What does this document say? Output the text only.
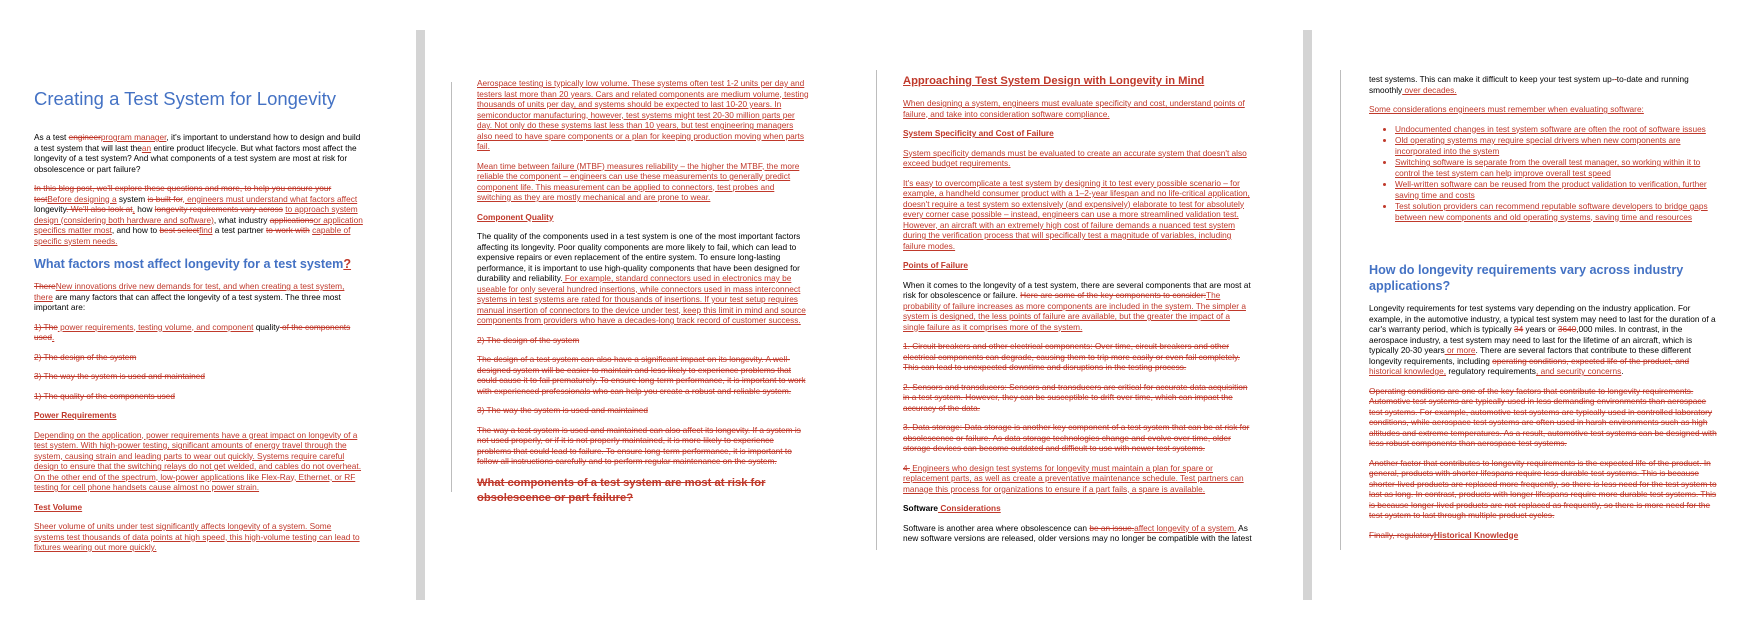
Creating a Test System for Longevity

As a test engineerprogram manager, it's important to understand how to design and build a test system that will last thean entire product lifecycle. But what factors most affect the longevity of a test system? And what components of a test system are most at risk for obsolescence or part failure?

In this blog post, we'll explore these questions and more, to help you ensure your testBefore designing a system is built for, engineers must understand what factors affect longevity. We'll also look at, how longevity requirements vary across to approach system design (considering both hardware and software), what industry applicationsor application specifics matter most, and how to best selectfind a test partner to work with capable of specific system needs.

What factors most affect longevity for a test system?

ThereNew innovations drive new demands for test, and when creating a test system, there are many factors that can affect the longevity of a test system. The three most important are:

1) The power requirements, testing volume, and component quality of the components used.

2) The design of the system

3) The way the system is used and maintained

1) The quality of the components used

Power Requirements

Depending on the application, power requirements have a great impact on longevity of a test system. With high-power testing, significant amounts of energy travel through the system, causing strain and leading parts to wear out quickly. Systems require careful design to ensure that the switching relays do not get welded, and cables do not overheat. On the other end of the spectrum, low-power applications like Flex-Ray, Ethernet, or RF testing for cell phone handsets cause almost no power strain.

Test Volume

Sheer volume of units under test significantly affects longevity of a system. Some systems test thousands of data points at high speed, this high-volume testing can lead to fixtures wearing out more quickly.

Aerospace testing is typically low volume. These systems often test 1-2 units per day and testers last more than 20 years. Cars and related components are medium volume, testing thousands of units per day, and systems should be expected to last 10-20 years. In semiconductor manufacturing, however, test systems might test 20-30 million parts per day. Not only do these systems last less than 10 years, but test engineering managers also need to have spare components or a plan for keeping production moving when parts fail.

Mean time between failure (MTBF) measures reliability – the higher the MTBF, the more reliable the component – engineers can use these measurements to generally predict component life. This measurement can be applied to connectors, test probes and switching as they are mostly mechanical and are prone to wear.

Component Quality

The quality of the components used in a test system is one of the most important factors affecting its longevity. Poor quality components are more likely to fail, which can lead to expensive repairs or even replacement of the entire system. To ensure long-lasting performance, it is important to use high-quality components that have been designed for durability and reliability. For example, standard connectors used in electronics may be useable for only several hundred insertions, while connectors used in mass interconnect systems in test systems are rated for thousands of insertions. If your test setup requires manual insertion of connectors to the device under test, keep this limit in mind and source components from providers who have a decades-long track record of customer success.

2) The design of the system

The design of a test system can also have a significant impact on its longevity. A well-designed system will be easier to maintain and less likely to experience problems that could cause it to fail prematurely. To ensure long-term performance, it is important to work with experienced professionals who can help you create a robust and reliable system.

3) The way the system is used and maintained

The way a test system is used and maintained can also affect its longevity. If a system is not used properly, or if it is not properly maintained, it is more likely to experience problems that could lead to failure. To ensure long-term performance, it is important to follow all instructions carefully and to perform regular maintenance on the system.

What components of a test system are most at risk for obsolescence or part failure?
Approaching Test System Design with Longevity in Mind

When designing a system, engineers must evaluate specificity and cost, understand points of failure, and take into consideration software compliance.

System Specificity and Cost of Failure

System specificity demands must be evaluated to create an accurate system that doesn't also exceed budget requirements.

It's easy to overcomplicate a test system by designing it to test every possible scenario – for example, a handheld consumer product with a 1–2-year lifespan and no life-critical application, doesn't require a test system so extensively (and expensively) elaborate to test for absolutely every corner case possible – instead, engineers can use a more streamlined validation test. However, an aircraft with an extremely high cost of failure demands a nuanced test system during the verification process that will specifically test a magnitude of variables, including failure modes.

Points of Failure

When it comes to the longevity of a test system, there are several components that are most at risk for obsolescence or failure. Here are some of the key components to consider:The probability of failure increases as more components are included in the system. The simpler a system is designed, the less points of failure are available, but the greater the impact of a single failure as it comprises more of the system.

1. Circuit breakers and other electrical components: Over time, circuit breakers and other electrical components can degrade, causing them to trip more easily or even fail completely. This can lead to unexpected downtime and disruptions in the testing process.

2. Sensors and transducers: Sensors and transducers are critical for accurate data acquisition in a test system. However, they can be susceptible to drift over time, which can impact the accuracy of the data.

3. Data storage: Data storage is another key component of a test system that can be at risk for obsolescence or failure. As data storage technologies change and evolve over time, older storage devices can become outdated and difficult to use with newer test systems.

4. Engineers who design test systems for longevity must maintain a plan for spare or replacement parts, as well as create a preventative maintenance schedule. Test partners can manage this process for organizations to ensure if a part fails, a spare is available.

Software Considerations

Software is another area where obsolescence can be an issue.affect longevity of a system. As new software versions are released, older versions may no longer be compatible with the latest

test systems. This can make it difficult to keep your test system up- to-date and running smoothly over decades.

Some considerations engineers must remember when evaluating software:

• Undocumented changes in test system software are often the root of software issues
• Old operating systems may require special drivers when new components are incorporated into the system
• Switching software is separate from the overall test manager, so working within it to control the test system can help improve overall test speed
• Well-written software can be reused from the product validation to verification, further saving time and costs
• Test solution providers can recommend reputable software developers to bridge gaps between new components and old operating systems, saving time and resources
How do longevity requirements vary across industry applications?

Longevity requirements for test systems vary depending on the industry application. For example, in the automotive industry, a typical test system may need to last for the duration of a car's warranty period, which is typically 34 years or 3640,000 miles. In contrast, in the aerospace industry, a test system may need to last for the lifetime of an aircraft, which is typically 20-30 years or more. There are several factors that contribute to these different longevity requirements, including operating conditions, expected life of the product, and historical knowledge, regulatory requirements, and security concerns.

Operating conditions are one of the key factors that contribute to longevity requirements. Automotive test systems are typically used in less demanding environments than aerospace test systems. For example, automotive test systems are typically used in controlled laboratory conditions, while aerospace test systems are often used in harsh environments such as high altitudes and extreme temperatures. As a result, automotive test systems can be designed with less robust components than aerospace test systems.

Another factor that contributes to longevity requirements is the expected life of the product. In general, products with shorter lifespans require less durable test systems. This is because shorter-lived products are replaced more frequently, so there is less need for the test system to last as long. In contrast, products with longer lifespans require more durable test systems. This is because longer-lived products are not replaced as frequently, so there is more need for the test system to last through multiple product cycles.

Finally, regulatoryHistorical Knowledge
